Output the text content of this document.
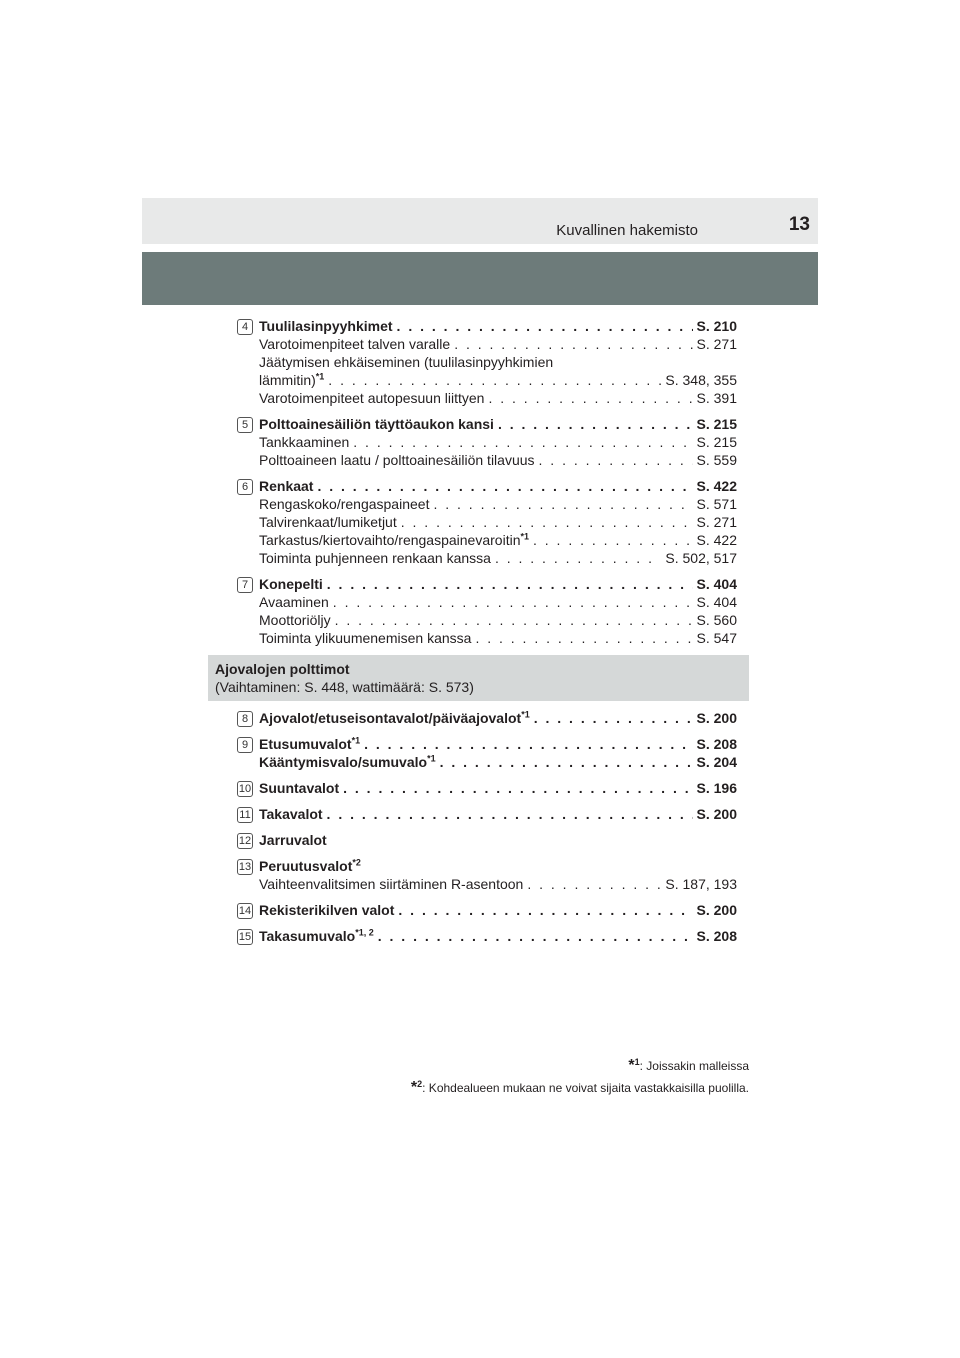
Kuvallinen hakemisto	13
4 Tuulilasinpyyhkimet . . .	S. 210
Varotoimenpiteet talven varalle . . .	S. 271
Jäätymisen ehkäiseminen (tuulilasinpyyhkimien
lämmitin)$^{*1}$ . . .	S. 348, 355
Varotoimenpiteet autopesuun liittyen . . .	S. 391
5 Polttoainesäiliön täyttöaukon kansi . . .	S. 215
Tankkaaminen . . .	S. 215
Polttoaineen laatu / polttoainesäiliön tilavuus . . .	S. 559
6 Renkaat . . .	S. 422
Rengaskoko/rengaspaineet . . .	S. 571
Talvirenkaat/lumiketjut . . .	S. 271
Tarkastus/kiertovaihto/rengaspainevaroitin$^{*1}$ . . .	S. 422
Toiminta puhjenneen renkaan kanssa . . .	S. 502, 517
7 Konepelti . . .	S. 404
Avaaminen . . .	S. 404
Moottoriöljy . . .	S. 560
Toiminta ylikuumenemisen kanssa . . .	S. 547
Ajovalojen polttimot
(Vaihtaminen: S. 448, wattimäärä: S. 573)
8 Ajovalot/etuseisontavalot/päiväajovalot$^{*1}$ . . .	S. 200
9 Etusumuvalot$^{*1}$ . . .	S. 208
Kääntymisvalo/sumuvalo$^{*1}$ . . .	S. 204
10 Suuntavalot . . .	S. 196
11 Takavalot . . .	S. 200
12 Jarruvalot
13 Peruutusvalot$^{*2}$
Vaihteenvalitsimen siirtäminen R-asentoon . . .	S. 187, 193
14 Rekisterikilven valot . . .	S. 200
15 Takasumuvalo$^{*1, 2}$ . . .	S. 208
*$^1$: Joissakin malleissa
*$^2$: Kohdealueen mukaan ne voivat sijaita vastakkaisilla puolilla.
